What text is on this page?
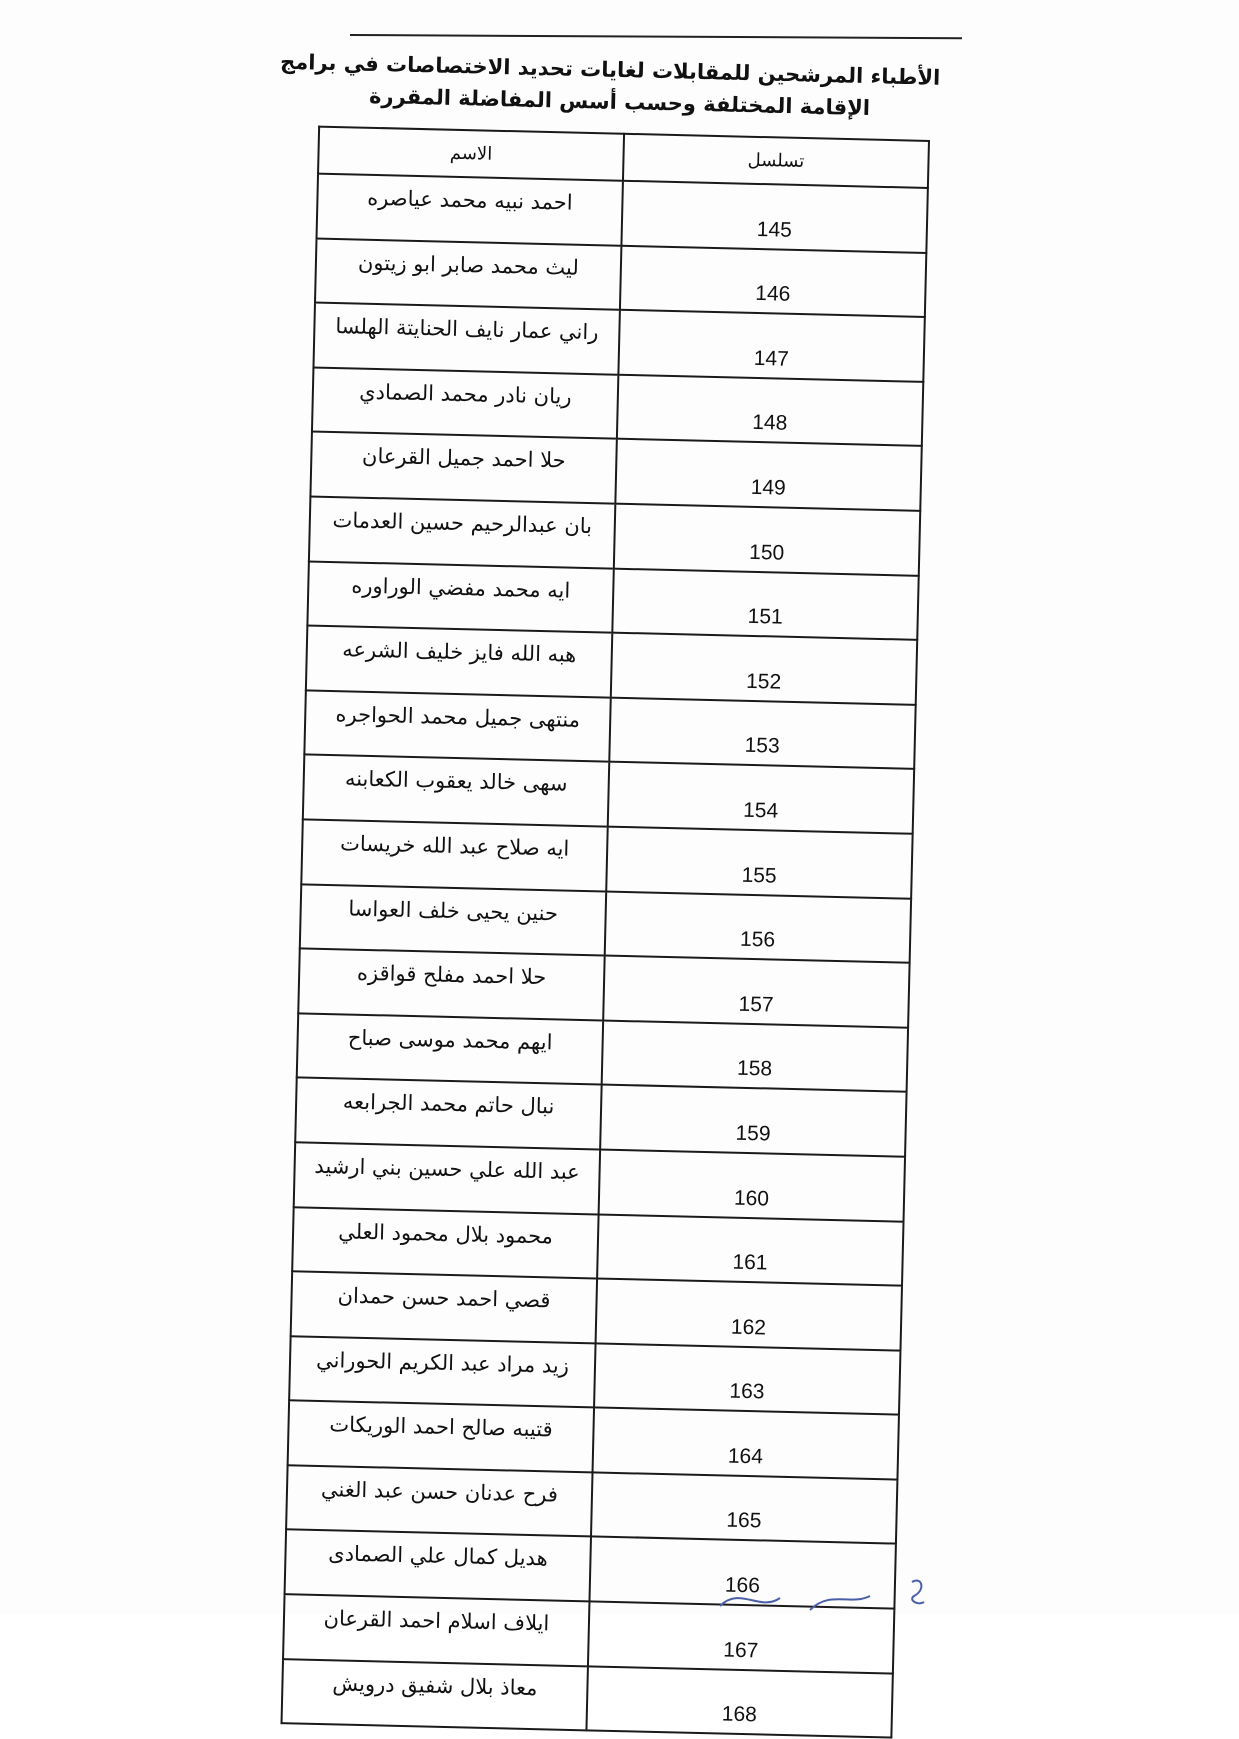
الأطباء المرشحين للمقابلات لغايات تحديد الاختصاصات في برامج
الإقامة المختلفة وحسب أسس المفاضلة المقررة
تسلسل	الاسم
145	احمد نبيه محمد عياصره
146	ليث محمد صابر ابو زيتون
147	راني عمار نايف الحنايتة الهلسا
148	ريان نادر محمد الصمادي
149	حلا احمد جميل القرعان
150	بان عبدالرحيم حسين العدمات
151	ايه محمد مفضي الوراوره
152	هبه الله فايز خليف الشرعه
153	منتهى جميل محمد الحواجره
154	سهى خالد يعقوب الكعابنه
155	ايه صلاح عبد الله خريسات
156	حنين يحيى خلف العواسا
157	حلا احمد مفلح قواقزه
158	ايهم محمد موسى صباح
159	نبال حاتم محمد الجرابعه
160	عبد الله علي حسين بني ارشيد
161	محمود بلال محمود العلي
162	قصي احمد حسن حمدان
163	زيد مراد عبد الكريم الحوراني
164	قتيبه صالح احمد الوريكات
165	فرح عدنان حسن عبد الغني
166	هديل كمال علي الصمادى
167	ايلاف اسلام احمد القرعان
168	معاذ بلال شفيق درويش
